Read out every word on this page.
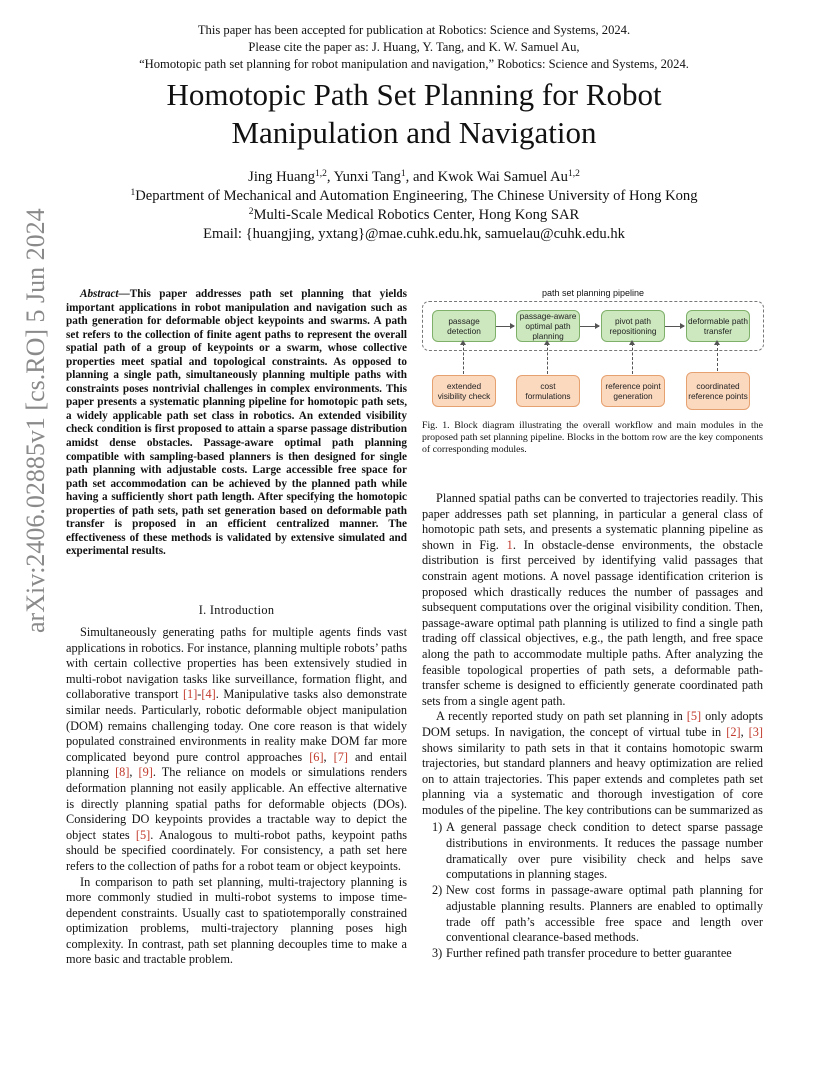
This paper has been accepted for publication at Robotics: Science and Systems, 2024.
Please cite the paper as: J. Huang, Y. Tang, and K. W. Samuel Au,
“Homotopic path set planning for robot manipulation and navigation,” Robotics: Science and Systems, 2024.
Homotopic Path Set Planning for Robot
Manipulation and Navigation
Jing Huang$^{1,2}$, Yunxi Tang$^1$, and Kwok Wai Samuel Au$^{1,2}$
$^1$Department of Mechanical and Automation Engineering, The Chinese University of Hong Kong
$^2$Multi-Scale Medical Robotics Center, Hong Kong SAR
Email: {huangjing, yxtang}@mae.cuhk.edu.hk, samuelau@cuhk.edu.hk
arXiv:2406.02885v1 [cs.RO] 5 Jun 2024	Abstract—This paper addresses path set planning that yields important applications in robot manipulation and navigation such as path generation for deformable object keypoints and swarms. A path set refers to the collection of finite agent paths to represent the overall spatial path of a group of keypoints or a swarm, whose collective properties meet spatial and topological constraints. As opposed to planning a single path, simultaneously planning multiple paths with constraints poses nontrivial challenges in complex environments. This paper presents a systematic planning pipeline for homotopic path sets, a widely applicable path set class in robotics. An extended visibility check condition is first proposed to attain a sparse passage distribution amidst dense obstacles. Passage-aware optimal path planning compatible with sampling-based planners is then designed for single path planning with adjustable costs. Large accessible free space for path set accommodation can be achieved by the planned path while having a sufficiently short path length. After specifying the homotopic properties of path sets, path set generation based on deformable path transfer is proposed in an efficient centralized manner. The effectiveness of these methods is validated by extensive simulated and experimental results.

I. Introduction

Simultaneously generating paths for multiple agents finds vast applications in robotics. For instance, planning multiple robots’ paths with certain collective properties has been extensively studied in multi-robot navigation tasks like surveillance, formation flight, and collaborative transport [1]-[4]. Manipulative tasks also demonstrate similar needs. Particularly, robotic deformable object manipulation (DOM) remains challenging today. One core reason is that widely populated constrained environments in reality make DOM far more complicated beyond pure control approaches [6], [7] and entail planning [8], [9]. The reliance on models or simulations renders deformation planning not easily applicable. An effective alternative is directly planning spatial paths for deformable objects (DOs). Considering DO keypoints provides a tractable way to depict the object states [5]. Analogous to multi-robot paths, keypoint paths should be specified coordinately. For consistency, a path set here refers to the collection of paths for a robot team or object keypoints.

In comparison to path set planning, multi-trajectory planning is more commonly studied in multi-robot systems to impose time-dependent constraints. Usually cast to spatiotemporally constrained optimization problems, multi-trajectory planning poses high complexity. In contrast, path set planning decouples time to make a more basic and tractable problem.

path set planning pipeline
passage detection
passage-aware optimal path planning
pivot path repositioning
deformable path transfer
extended visibility check
cost formulations
reference point generation
coordinated reference points
Fig. 1. Block diagram illustrating the overall workflow and main modules in the proposed path set planning pipeline. Blocks in the bottom row are the key components of corresponding modules.

Planned spatial paths can be converted to trajectories readily. This paper addresses path set planning, in particular a general class of homotopic path sets, and presents a systematic planning pipeline as shown in Fig. 1. In obstacle-dense environments, the obstacle distribution is first perceived by identifying valid passages that constrain agent motions. A novel passage identification criterion is proposed which drastically reduces the number of passages and subsequent computations over the original visibility condition. Then, passage-aware optimal path planning is utilized to find a single path trading off classical objectives, e.g., the path length, and free space along the path to accommodate multiple paths. After analyzing the feasible topological properties of path sets, a deformable path-transfer scheme is designed to efficiently generate coordinated path sets from a single agent path.

A recently reported study on path set planning in [5] only adopts DOM setups. In navigation, the concept of virtual tube in [2], [3] shows similarity to path sets in that it contains homotopic swarm trajectories, but standard planners and heavy optimization are relied on to attain trajectories. This paper extends and completes path set planning via a systematic and thorough investigation of core modules of the pipeline. The key contributions can be summarized as

1) A general passage check condition to detect sparse passage distributions in environments. It reduces the passage number dramatically over pure visibility check and helps save computations in planning stages.
2) New cost forms in passage-aware optimal path planning for adjustable planning results. Planners are enabled to optimally trade off path’s accessible free space and length over conventional clearance-based methods.
3) Further refined path transfer procedure to better guarantee
